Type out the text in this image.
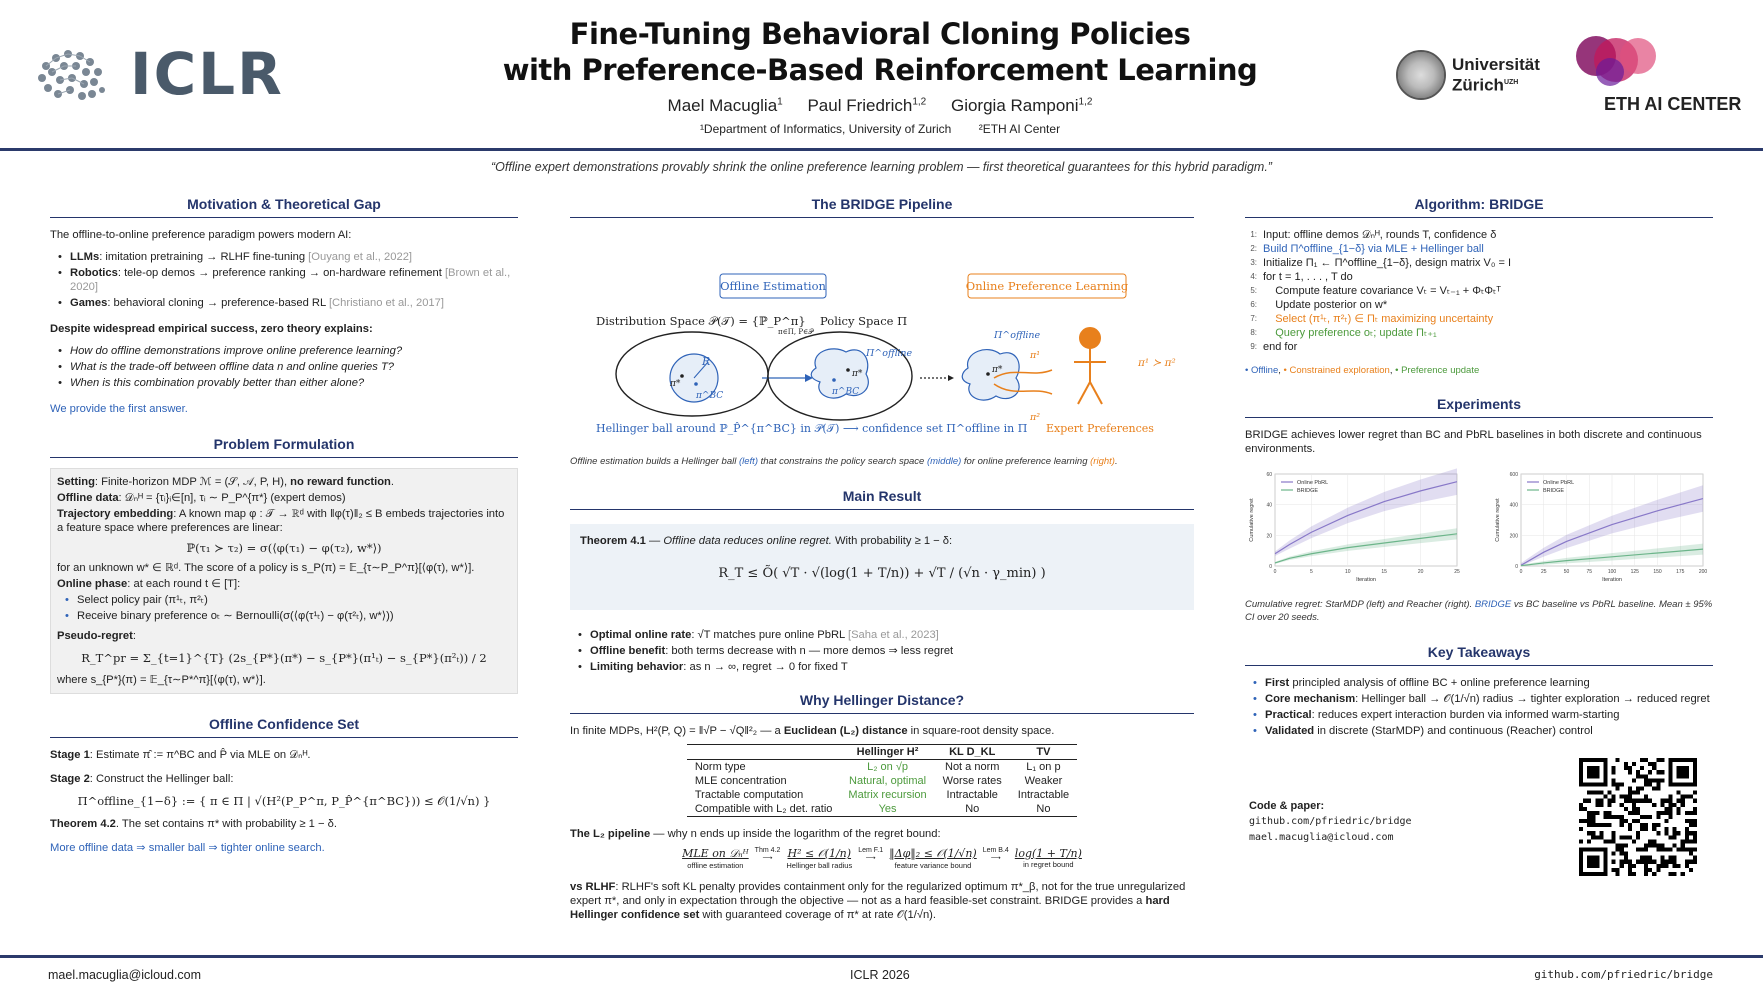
ICLR
Fine-Tuning Behavioral Cloning Policies
with Preference-Based Reinforcement Learning
Mael Macuglia$^1$ Paul Friedrich$^{1,2}$ Giorgia Ramponi$^{1,2}$
¹Department of Informatics, University of Zurich ²ETH AI Center
Universität
Zürich$^{UZH}$
ETH AI CENTER
“Offline expert demonstrations provably shrink the online preference learning problem — first theoretical guarantees for this hybrid paradigm.”
Motivation & Theoretical Gap
The offline-to-online preference paradigm powers modern AI:
• LLMs: imitation pretraining → RLHF fine-tuning [Ouyang et al., 2022]
• Robotics: tele-op demos → preference ranking → on-hardware refinement [Brown et al., 2020]
• Games: behavioral cloning → preference-based RL [Christiano et al., 2017]
Despite widespread empirical success, zero theory explains:
• How do offline demonstrations improve online preference learning?
• What is the trade-off between offline data n and online queries T?
• When is this combination provably better than either alone?
We provide the first answer.
Problem Formulation
Setting: Finite-horizon MDP ℳ = (𝒮, 𝒜, P, H), no reward function.
Offline data: 𝒟ₙᴴ = {τᵢ}ᵢ∈[n], τᵢ ∼ P_P^{π*} (expert demos)
Trajectory embedding: A known map φ : 𝒯 → ℝᵈ with ‖φ(τ)‖₂ ≤ B embeds trajectories into a feature space where preferences are linear:
ℙ(τ₁ ≻ τ₂) = σ(⟨φ(τ₁) − φ(τ₂), w*⟩)
for an unknown w* ∈ ℝᵈ. The score of a policy is s_P(π) = 𝔼_{τ∼P_P^π}[⟨φ(τ), w*⟩].
Online phase: at each round t ∈ [T]:
• Select policy pair (π¹ₜ, π²ₜ)
• Receive binary preference oₜ ∼ Bernoulli(σ(⟨φ(τ¹ₜ) − φ(τ²ₜ), w*⟩))
Pseudo-regret:
R_T^pr = Σ_{t=1}^{T} (2s_{P*}(π*) − s_{P*}(π¹ₜ) − s_{P*}(π²ₜ)) / 2
where s_{P*}(π) = 𝔼_{τ∼P*^π}[⟨φ(τ), w*⟩].
Offline Confidence Set
Stage 1: Estimate π̂ := π^BC and P̂ via MLE on 𝒟ₙᴴ.
Stage 2: Construct the Hellinger ball:
Π^offline_{1−δ} := { π ∈ Π | √(H²(P_P^π, P_P̂^{π^BC})) ≤ 𝒪(1/√n) }
Theorem 4.2. The set contains π* with probability ≥ 1 − δ.
More offline data ⇒ smaller ball ⇒ tighter online search.
The BRIDGE Pipeline
Offline Estimation	Online Preference Learning
Distribution Space 𝒫(𝒯) = {ℙ_P^π}
π∈Π, P∈𝒫
Policy Space Π
R
π*
π^BC
Π^offline
π*
π^BC
Π^offline
π*
π¹
π²
π¹ ≻ π²
Hellinger ball around ℙ_P̂^{π^BC} in 𝒫(𝒯) ⟶ confidence set Π^offline in Π Expert Preferences
Offline estimation builds a Hellinger ball (left) that constrains the policy search space (middle) for online preference learning (right).
Main Result
Theorem 4.1 — Offline data reduces online regret. With probability ≥ 1 − δ:
R_T ≤ Õ( √T · √(log(1 + T/n)) + √T / (√n · γ_min) )
• Optimal online rate: √T matches pure online PbRL [Saha et al., 2023]
• Offline benefit: both terms decrease with n — more demos ⇒ less regret
• Limiting behavior: as n → ∞, regret → 0 for fixed T
Why Hellinger Distance?
In finite MDPs, H²(P, Q) = ‖√P − √Q‖²₂ — a Euclidean (L₂) distance in square-root density space.
	Hellinger H²	KL D_KL	TV
Norm type	L₂ on √p	Not a norm	L₁ on p
MLE concentration	Natural, optimal	Worse rates	Weaker
Tractable computation	Matrix recursion	Intractable	Intractable
Compatible with L₂ det. ratio	Yes	No	No
The L₂ pipeline — why n ends up inside the logarithm of the regret bound:
MLE on 𝒟ₙᴴ
offline estimation
Thm 4.2
⟶	H² ≤ 𝒪(1/n)
Hellinger ball radius
Lem F.1
⟶	‖Δφ‖₂ ≤ 𝒪(1/√n)
feature variance bound
Lem B.4
⟶	log(1 + T/n)
in regret bound
vs RLHF: RLHF's soft KL penalty provides containment only for the regularized optimum π*_β, not for the true unregularized expert π*, and only in expectation through the objective — not as a hard feasible-set constraint. BRIDGE provides a hard Hellinger confidence set with guaranteed coverage of π* at rate 𝒪(1/√n).
Algorithm: BRIDGE
1: Input: offline demos 𝒟ₙᴴ, rounds T, confidence δ
2: Build Π^offline_{1−δ} via MLE + Hellinger ball
3: Initialize Π₁ ← Π^offline_{1−δ}, design matrix V₀ = I
4: for t = 1, . . . , T do
5: Compute feature covariance Vₜ = Vₜ₋₁ + ΦₜΦₜᵀ
6: Update posterior on w*
7: Select (π¹ₜ, π²ₜ) ∈ Πₜ maximizing uncertainty
8: Query preference oₜ; update Πₜ₊₁
9: end for
• Offline, • Constrained exploration, • Preference update
Experiments
BRIDGE achieves lower regret than BC and PbRL baselines in both discrete and continuous environments.
0
20
40
60
0	5	10	15	20	25
Iteration
Cumulative regret
Online PbRL
BRIDGE
0
200
400
600
0	25	50	75	100	125	150	175	200
Iteration
Cumulative regret
Online PbRL
BRIDGE
Cumulative regret: StarMDP (left) and Reacher (right). BRIDGE vs BC baseline vs PbRL baseline. Mean ± 95% CI over 20 seeds.
Key Takeaways
• First principled analysis of offline BC + online preference learning
• Core mechanism: Hellinger ball → 𝒪(1/√n) radius → tighter exploration → reduced regret
• Practical: reduces expert interaction burden via informed warm-starting
• Validated in discrete (StarMDP) and continuous (Reacher) control
Code & paper:
github.com/pfriedric/bridge
mael.macuglia@icloud.com
mael.macuglia@icloud.com	ICLR 2026	github.com/pfriedric/bridge
